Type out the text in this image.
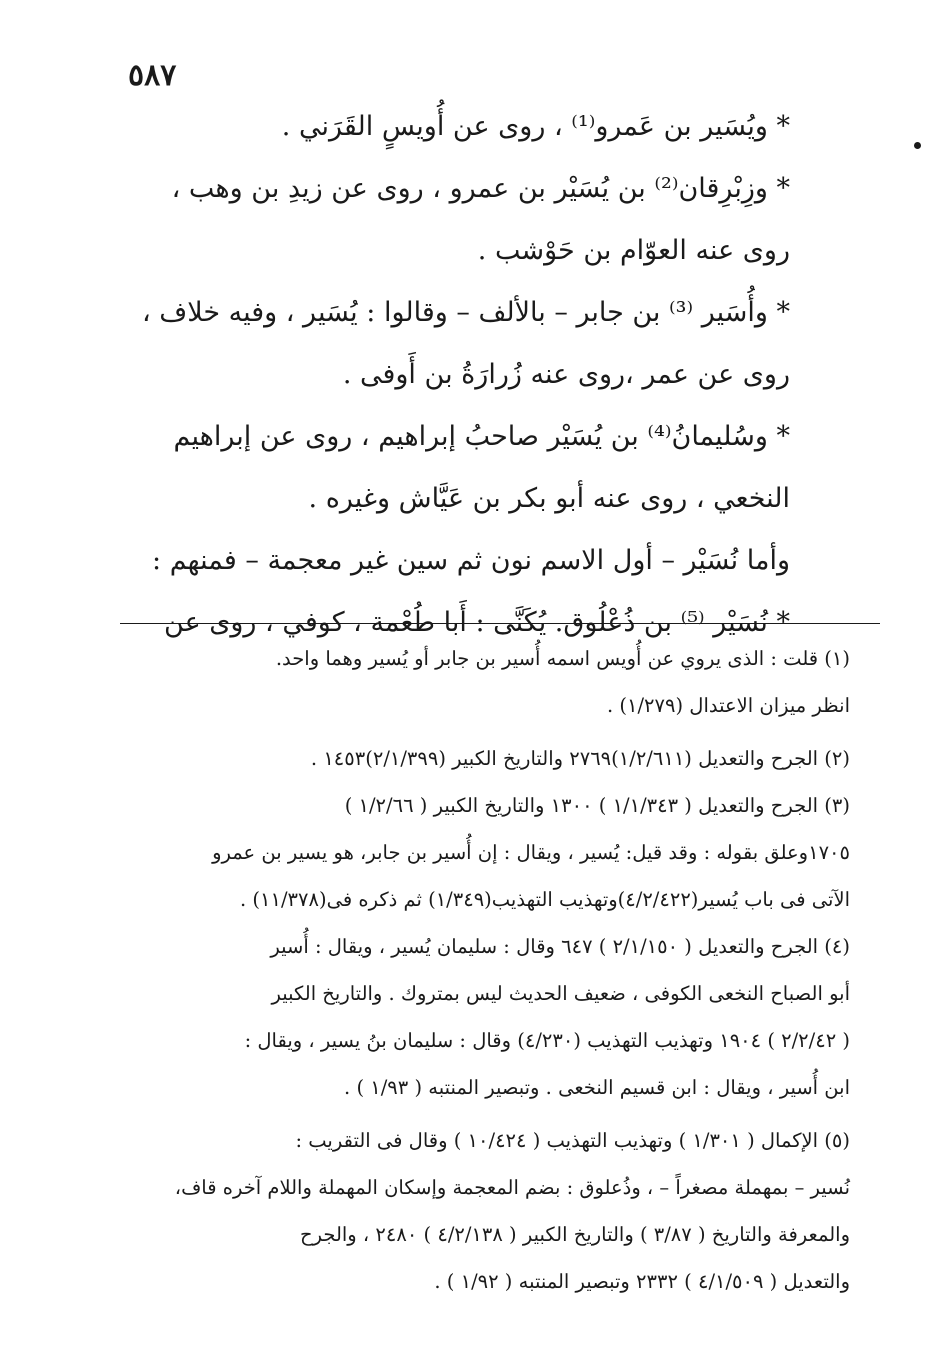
٥٨٧

* ويُسَير بن عَمرو⁽¹⁾ ، روى عن أُويسٍ القَرَني .

* وزِبْرِقان⁽²⁾ بن يُسَيْر بن عمرو ، روى عن زيدِ بن وهب ،

روى عنه العوّام بن حَوْشب .

* وأُسَير ⁽³⁾ بن جابر – بالألف – وقالوا : يُسَير ، وفيه خلاف ،

روى عن عمر ،روى عنه زُرارَةُ بن أَوفى .

* وسُليمانُ⁽⁴⁾ بن يُسَيْر صاحبُ إبراهيم ، روى عن إبراهيم

النخعي ، روى عنه أبو بكر بن عَيَّاش وغيره .

وأما نُسَيْر – أول الاسم نون ثم سين غير معجمة – فمنهم :

* نُسَيْر ⁽⁵⁾ بن ذُعْلُوق. يُكَنَّى : أَبا طُعْمة ، كوفي ، روى عن

(١) قلت : الذى يروي عن أُويس اسمه أُسير بن جابر أو يُسير وهما واحد.

انظر ميزان الاعتدال (١/٢٧٩) .

(٢) الجرح والتعديل (١/٢/٦١١)٢٧٦٩ والتاريخ الكبير (٢/١/٣٩٩)١٤٥٣ .

(٣) الجرح والتعديل ( ١/١/٣٤٣ ) ١٣٠٠ والتاريخ الكبير ( ١/٢/٦٦ )

١٧٠٥وعلق بقوله : وقد قيل: يُسير ، ويقال : إن أُسير بن جابر، هو يسير بن عمرو

الآتى فى باب يُسير(٤/٢/٤٢٢)وتهذيب التهذيب(١/٣٤٩) ثم ذكره فى(١١/٣٧٨) .

(٤) الجرح والتعديل ( ٢/١/١٥٠ ) ٦٤٧ وقال : سليمان يُسير ، ويقال : أُسير

أبو الصباح النخعى الكوفى ، ضعيف الحديث ليس بمتروك . والتاريخ الكبير

( ٢/٢/٤٢ ) ١٩٠٤ وتهذيب التهذيب (٤/٢٣٠) وقال : سليمان بنُ يسير ، ويقال :

ابن أُسير ، ويقال : ابن قسيم النخعى . وتبصير المنتبه ( ١/٩٣ ) .

(٥) الإكمال ( ١/٣٠١ ) وتهذيب التهذيب ( ١٠/٤٢٤ ) وقال فى التقريب :

نُسير – بمهملة مصغراً – ، وذُعلوق : بضم المعجمة وإسكان المهملة واللام آخره قاف،

والمعرفة والتاريخ ( ٣/٨٧ ) والتاريخ الكبير ( ٤/٢/١٣٨ ) ٢٤٨٠ ، والجرح

والتعديل ( ٤/١/٥٠٩ ) ٢٣٣٢ وتبصير المنتبه ( ١/٩٢ ) .
